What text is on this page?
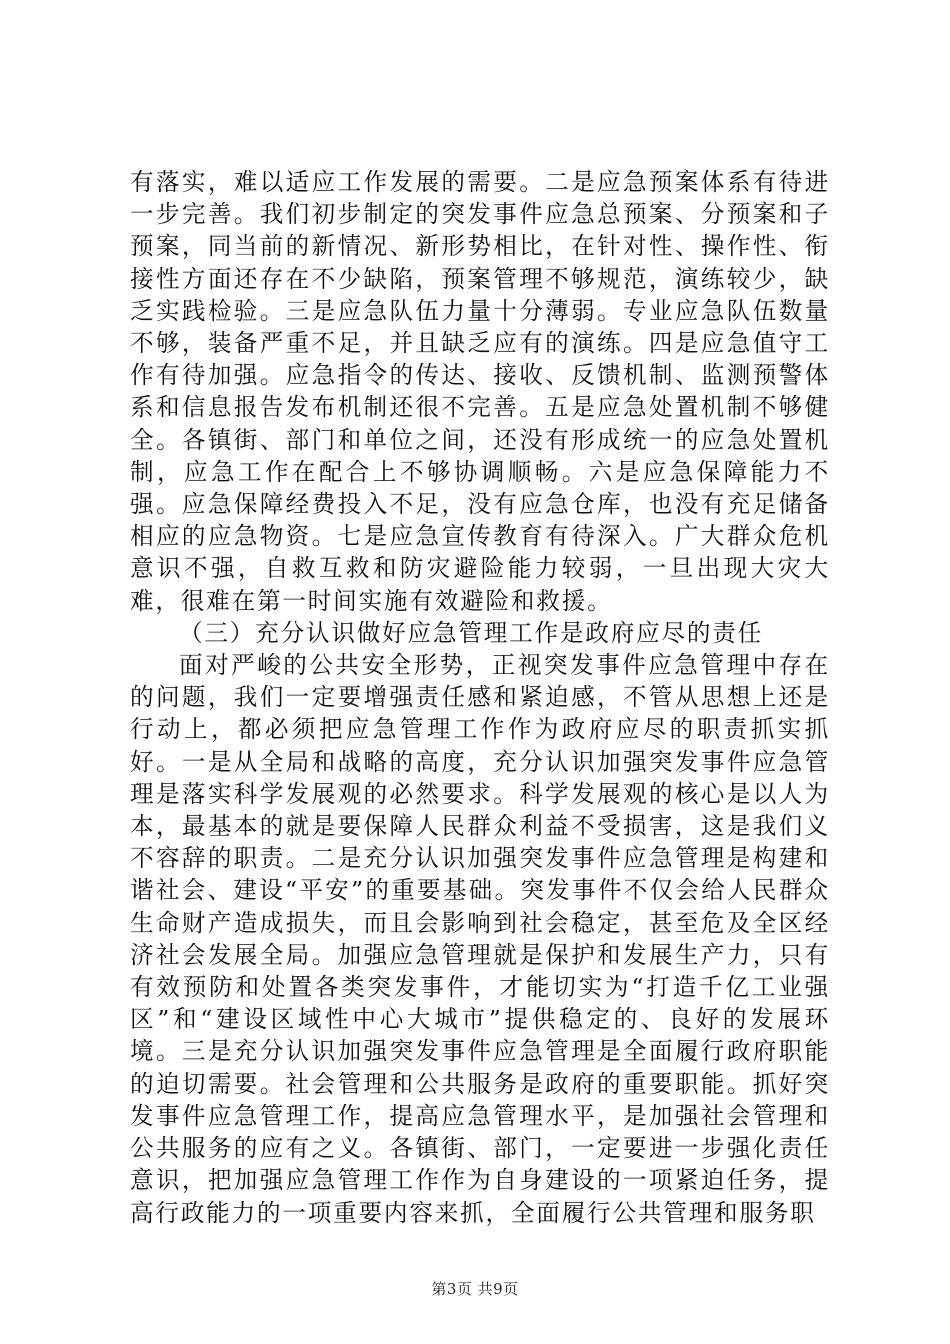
有落实，难以适应工作发展的需要。二是应急预案体系有待进一步完善。我们初步制定的突发事件应急总预案、分预案和子预案，同当前的新情况、新形势相比，在针对性、操作性、衔接性方面还存在不少缺陷，预案管理不够规范，演练较少，缺乏实践检验。三是应急队伍力量十分薄弱。专业应急队伍数量不够，装备严重不足，并且缺乏应有的演练。四是应急值守工作有待加强。应急指令的传达、接收、反馈机制、监测预警体系和信息报告发布机制还很不完善。五是应急处置机制不够健全。各镇街、部门和单位之间，还没有形成统一的应急处置机制，应急工作在配合上不够协调顺畅。六是应急保障能力不强。应急保障经费投入不足，没有应急仓库，也没有充足储备相应的应急物资。七是应急宣传教育有待深入。广大群众危机意识不强，自救互救和防灾避险能力较弱，一旦出现大灾大难，很难在第一时间实施有效避险和救援。

（三）充分认识做好应急管理工作是政府应尽的责任

面对严峻的公共安全形势，正视突发事件应急管理中存在的问题，我们一定要增强责任感和紧迫感，不管从思想上还是行动上，都必须把应急管理工作作为政府应尽的职责抓实抓好。一是从全局和战略的高度，充分认识加强突发事件应急管理是落实科学发展观的必然要求。科学发展观的核心是以人为本，最基本的就是要保障人民群众利益不受损害，这是我们义不容辞的职责。二是充分认识加强突发事件应急管理是构建和谐社会、建设“平安”的重要基础。突发事件不仅会给人民群众生命财产造成损失，而且会影响到社会稳定，甚至危及全区经济社会发展全局。加强应急管理就是保护和发展生产力，只有有效预防和处置各类突发事件，才能切实为“打造千亿工业强区”和“建设区域性中心大城市”提供稳定的、良好的发展环境。三是充分认识加强突发事件应急管理是全面履行政府职能的迫切需要。社会管理和公共服务是政府的重要职能。抓好突发事件应急管理工作，提高应急管理水平，是加强社会管理和公共服务的应有之义。各镇街、部门，一定要进一步强化责任意识，把加强应急管理工作作为自身建设的一项紧迫任务，提高行政能力的一项重要内容来抓，全面履行公共管理和服务职

第3页 共9页
